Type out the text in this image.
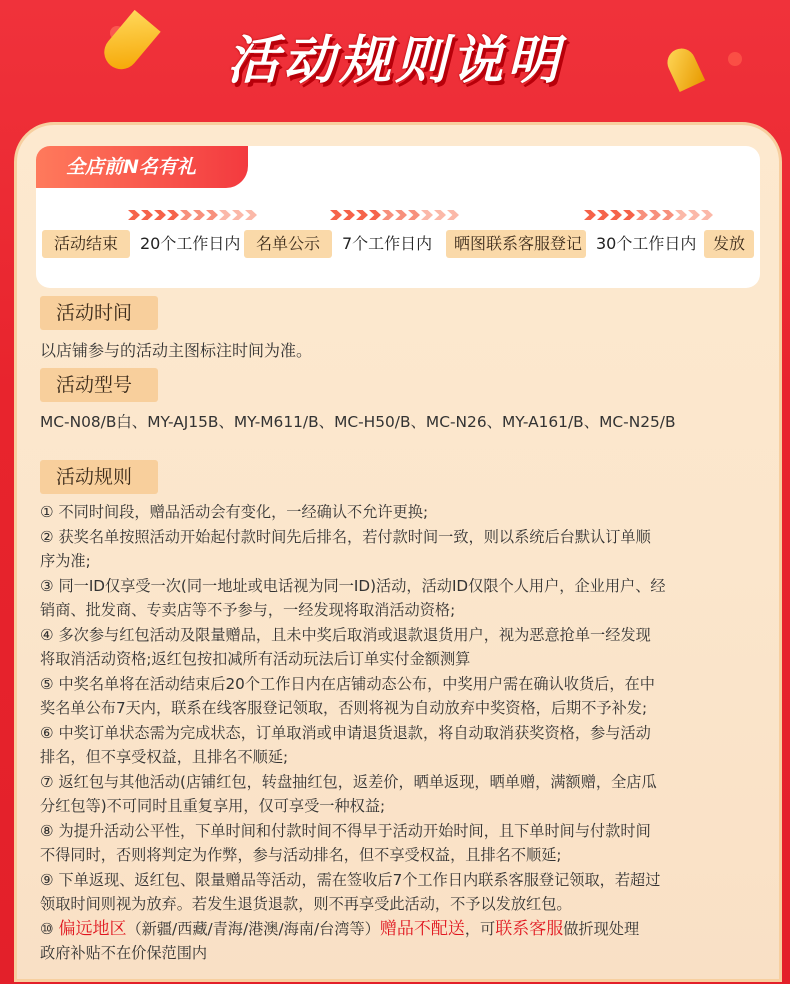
活动规则说明
全店前N名有礼
活动结束	20个工作日内 名单公示	7个工作日内	晒图联系客服登记 30个工作日内	发放
活动时间
以店铺参与的活动主图标注时间为准。
活动型号
MC-N08/B白、MY-AJ15B、MY-M611/B、MC-H50/B、MC-N26、MY-A161/B、MC-N25/B
活动规则

① 不同时间段，赠品活动会有变化，一经确认不允许更换;

② 获奖名单按照活动开始起付款时间先后排名，若付款时间一致，则以系统后台默认订单顺

序为准;

③ 同一ID仅享受一次(同一地址或电话视为同一ID)活动，活动ID仅限个人用户，企业用户、经

销商、批发商、专卖店等不予参与，一经发现将取消活动资格;

④ 多次参与红包活动及限量赠品，且未中奖后取消或退款退货用户，视为恶意抢单一经发现

将取消活动资格;返红包按扣减所有活动玩法后订单实付金额测算

⑤ 中奖名单将在活动结束后20个工作日内在店铺动态公布，中奖用户需在确认收货后，在中

奖名单公布7天内，联系在线客服登记领取，否则将视为自动放弃中奖资格，后期不予补发;

⑥ 中奖订单状态需为完成状态，订单取消或申请退货退款，将自动取消获奖资格，参与活动

排名，但不享受权益，且排名不顺延;

⑦ 返红包与其他活动(店铺红包，转盘抽红包，返差价，晒单返现，晒单赠，满额赠，全店瓜

分红包等)不可同时且重复享用，仅可享受一种权益;

⑧ 为提升活动公平性，下单时间和付款时间不得早于活动开始时间，且下单时间与付款时间

不得同时，否则将判定为作弊，参与活动排名，但不享受权益，且排名不顺延;

⑨ 下单返现、返红包、限量赠品等活动，需在签收后7个工作日内联系客服登记领取，若超过

领取时间则视为放弃。若发生退货退款，则不再享受此活动，不予以发放红包。

⑩ 偏远地区（新疆/西藏/青海/港澳/海南/台湾等）赠品不配送，可联系客服做折现处理

政府补贴不在价保范围内
